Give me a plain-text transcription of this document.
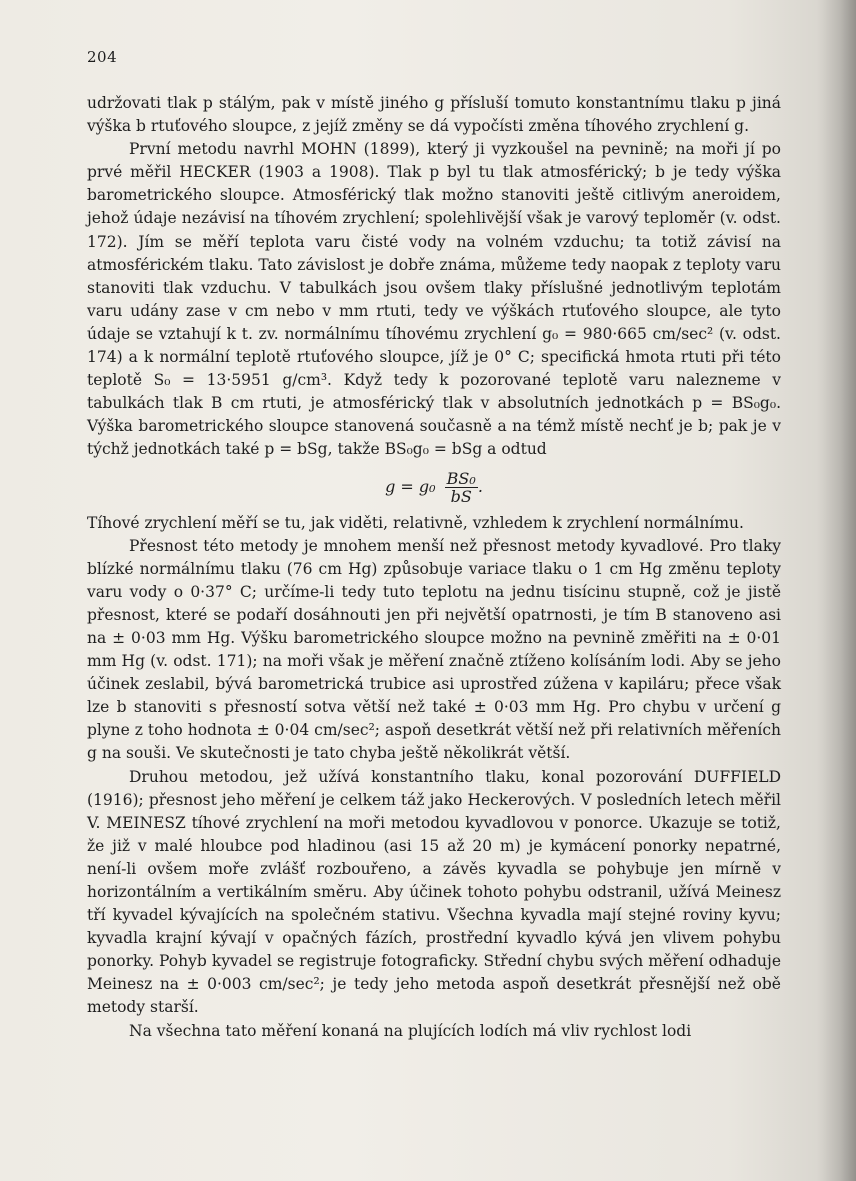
204

udržovati tlak p stálým, pak v místě jiného g přísluší tomuto konstantnímu tlaku p jiná výška b rtuťového sloupce, z jejíž změny se dá vypočísti změna tíhového zrychlení g.

První metodu navrhl MOHN (1899), který ji vyzkoušel na pevnině; na moři jí po prvé měřil HECKER (1903 a 1908). Tlak p byl tu tlak atmosférický; b je tedy výška barometrického sloupce. Atmosférický tlak možno stanoviti ještě citlivým aneroidem, jehož údaje nezávisí na tíhovém zrychlení; spolehlivější však je varový teploměr (v. odst. 172). Jím se měří teplota varu čisté vody na volném vzduchu; ta totiž závisí na atmosférickém tlaku. Tato závislost je dobře známa, můžeme tedy naopak z teploty varu stanoviti tlak vzduchu. V tabulkách jsou ovšem tlaky příslušné jednotlivým teplotám varu udány zase v cm nebo v mm rtuti, tedy ve výškách rtuťového sloupce, ale tyto údaje se vztahují k t. zv. normálnímu tíhovému zrychlení g₀ = 980·665 cm/sec² (v. odst. 174) a k normální teplotě rtuťového sloupce, jíž je 0° C; specifická hmota rtuti při této teplotě S₀ = 13·5951 g/cm³. Když tedy k pozorované teplotě varu nalezneme v tabulkách tlak B cm rtuti, je atmosférický tlak v absolutních jednotkách p = BS₀g₀. Výška barometrického sloupce stanovená současně a na témž místě nechť je b; pak je v týchž jednotkách také p = bSg, takže BS₀g₀ = bSg a odtud

$g = g_0 \frac{\text{BS₀}}{bS}$ .

Tíhové zrychlení měří se tu, jak viděti, relativně, vzhledem k zrychlení normálnímu.

Přesnost této metody je mnohem menší než přesnost metody kyvadlové. Pro tlaky blízké normálnímu tlaku (76 cm Hg) způsobuje variace tlaku o 1 cm Hg změnu teploty varu vody o 0·37° C; určíme-li tedy tuto teplotu na jednu tisícinu stupně, což je jistě přesnost, které se podaří dosáhnouti jen při největší opatrnosti, je tím B stanoveno asi na ± 0·03 mm Hg. Výšku barometrického sloupce možno na pevnině změřiti na ± 0·01 mm Hg (v. odst. 171); na moři však je měření značně ztíženo kolísáním lodi. Aby se jeho účinek zeslabil, bývá barometrická trubice asi uprostřed zúžena v kapiláru; přece však lze b stanoviti s přesností sotva větší než také ± 0·03 mm Hg. Pro chybu v určení g plyne z toho hodnota ± 0·04 cm/sec²; aspoň desetkrát větší než při relativních měřeních g na souši. Ve skutečnosti je tato chyba ještě několikrát větší.

Druhou metodou, jež užívá konstantního tlaku, konal pozorování DUFFIELD (1916); přesnost jeho měření je celkem táž jako Heckerových. V posledních letech měřil V. MEINESZ tíhové zrychlení na moři metodou kyvadlovou v ponorce. Ukazuje se totiž, že již v malé hloubce pod hladinou (asi 15 až 20 m) je kymácení ponorky nepatrné, není-li ovšem moře zvlášť rozbouřeno, a závěs kyvadla se pohybuje jen mírně v horizontálním a vertikálním směru. Aby účinek tohoto pohybu odstranil, užívá Meinesz tří kyvadel kývajících na společném stativu. Všechna kyvadla mají stejné roviny kyvu; kyvadla krajní kývají v opačných fázích, prostřední kyvadlo kývá jen vlivem pohybu ponorky. Pohyb kyvadel se registruje fotograficky. Střední chybu svých měření odhaduje Meinesz na ± 0·003 cm/sec²; je tedy jeho metoda aspoň desetkrát přesnější než obě metody starší.

Na všechna tato měření konaná na plujících lodích má vliv rychlost lodi
